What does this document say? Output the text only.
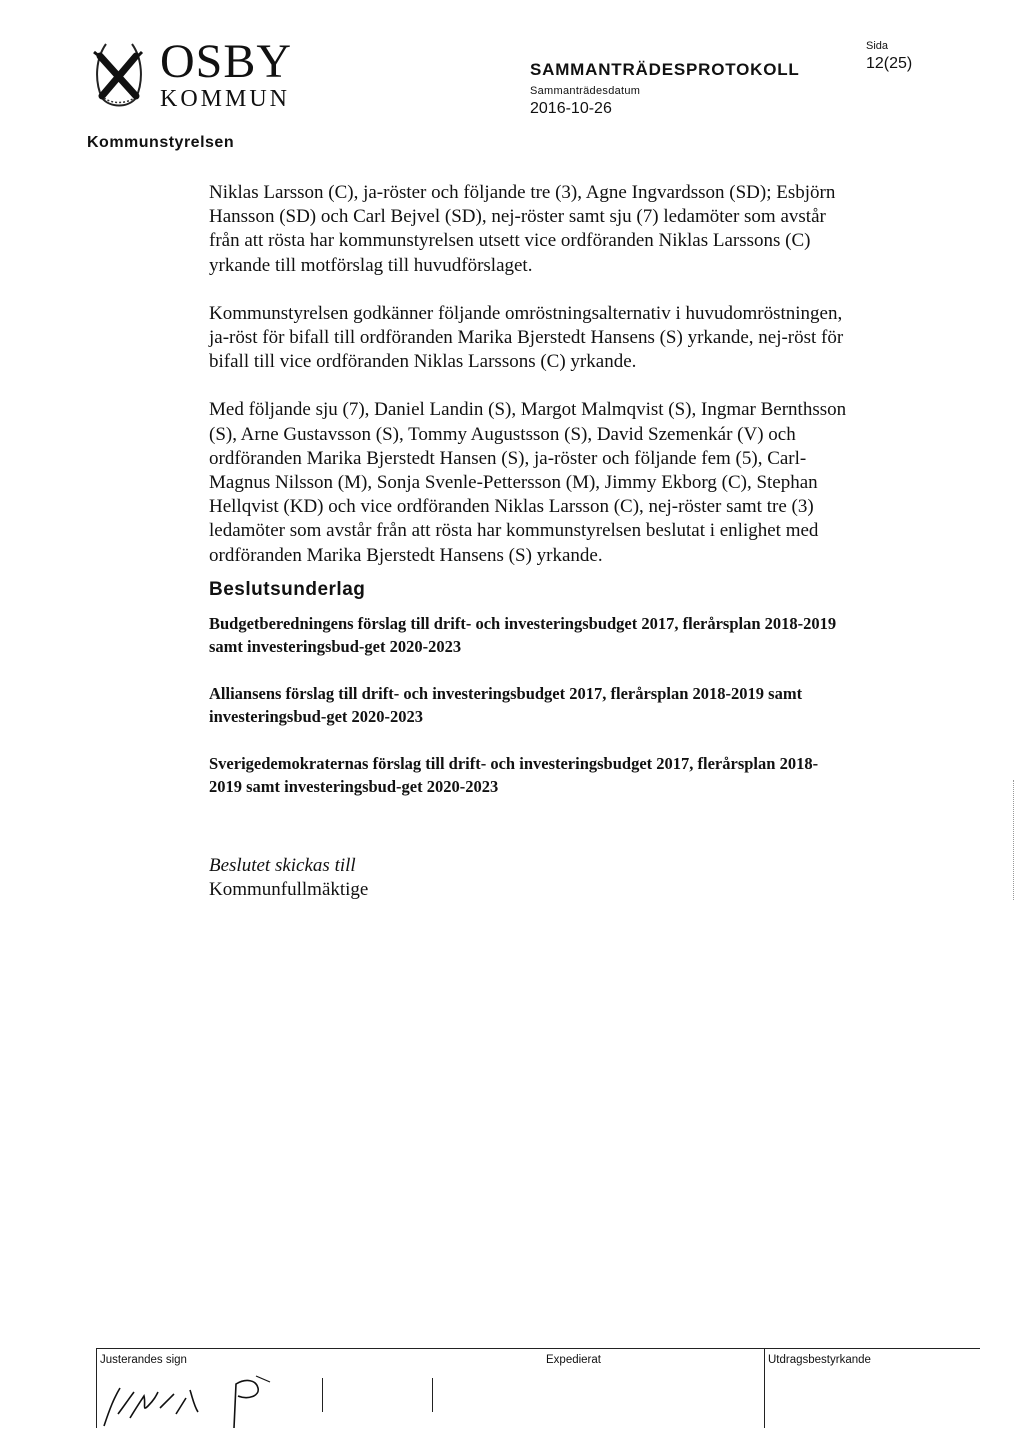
OSBY
KOMMUN
Kommunstyrelsen
SAMMANTRÄDESPROTOKOLL
Sammanträdesdatum
2016-10-26
Sida
12(25)

Niklas Larsson (C), ja-röster och följande tre (3), Agne Ingvardsson (SD); Esbjörn Hansson (SD) och Carl Bejvel (SD), nej-röster samt sju (7) ledamöter som avstår från att rösta har kommunstyrelsen utsett vice ordföranden Niklas Larssons (C) yrkande till motförslag till huvudförslaget.

Kommunstyrelsen godkänner följande omröstningsalternativ i huvudomröstningen, ja-röst för bifall till ordföranden Marika Bjerstedt Hansens (S) yrkande, nej-röst för bifall till vice ordföranden Niklas Larssons (C) yrkande.

Med följande sju (7), Daniel Landin (S), Margot Malmqvist (S), Ingmar Bernthsson (S), Arne Gustavsson (S), Tommy Augustsson (S), David Szemenkár (V) och ordföranden Marika Bjerstedt Hansen (S), ja-röster och följande fem (5), Carl-Magnus Nilsson (M), Sonja Svenle-Pettersson (M), Jimmy Ekborg (C), Stephan Hellqvist (KD) och vice ordföranden Niklas Larsson (C), nej-röster samt tre (3) ledamöter som avstår från att rösta har kommunstyrelsen beslutat i enlighet med ordföranden Marika Bjerstedt Hansens (S) yrkande.

Beslutsunderlag

Budgetberedningens förslag till drift- och investeringsbudget 2017, flerårsplan 2018-2019 samt investeringsbud-get 2020-2023

Alliansens förslag till drift- och investeringsbudget 2017, flerårsplan 2018-2019 samt investeringsbud-get 2020-2023

Sverigedemokraternas förslag till drift- och investeringsbudget 2017, flerårsplan 2018-2019 samt investeringsbud-get 2020-2023

Beslutet skickas till
Kommunfullmäktige
Justerandes sign	Expedierat	Utdragsbestyrkande
